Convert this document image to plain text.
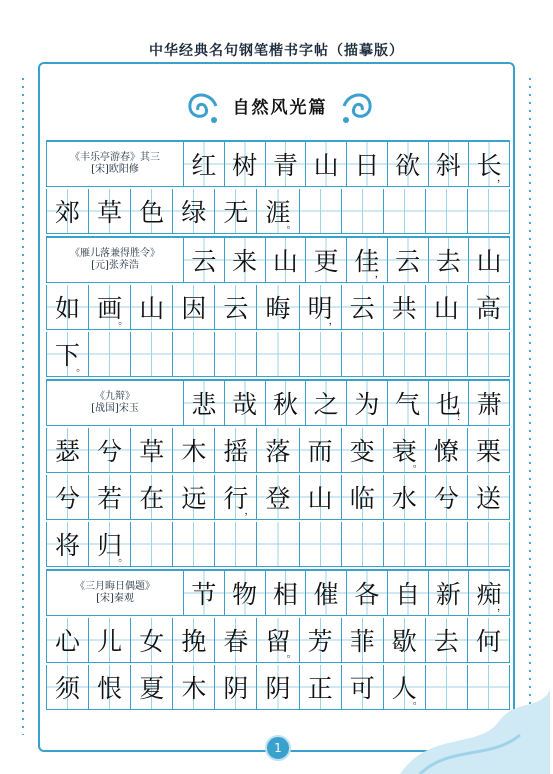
中华经典名句钢笔楷书字帖（描摹版）
自然风光篇
《丰乐亭游春》其三
[宋]欧阳修 红 树 青 山 日 欲 斜 长
，
郊 草 色 绿 无 涯
。
《雁儿落兼得胜令》
[元]张养浩 云 来 山 更 佳
， 云 去 山
如 画
。 山 因 云 晦 明
， 云 共 山 高
下
。
《九辩》
[战国]宋玉 悲 哉 秋 之 为 气 也
！ 萧
瑟 兮 草 木 摇 落 而 变 衰
。 憭 栗
兮 若 在 远 行
， 登 山 临 水 兮 送
将 归
。
《三月晦日偶题》
[宋]秦观 节 物 相 催 各 自 新 痴
，
心 儿 女 挽 春 留
。 芳 菲 歇 去 何
须 恨 夏 木 阴 阴 正 可 人
。
1
